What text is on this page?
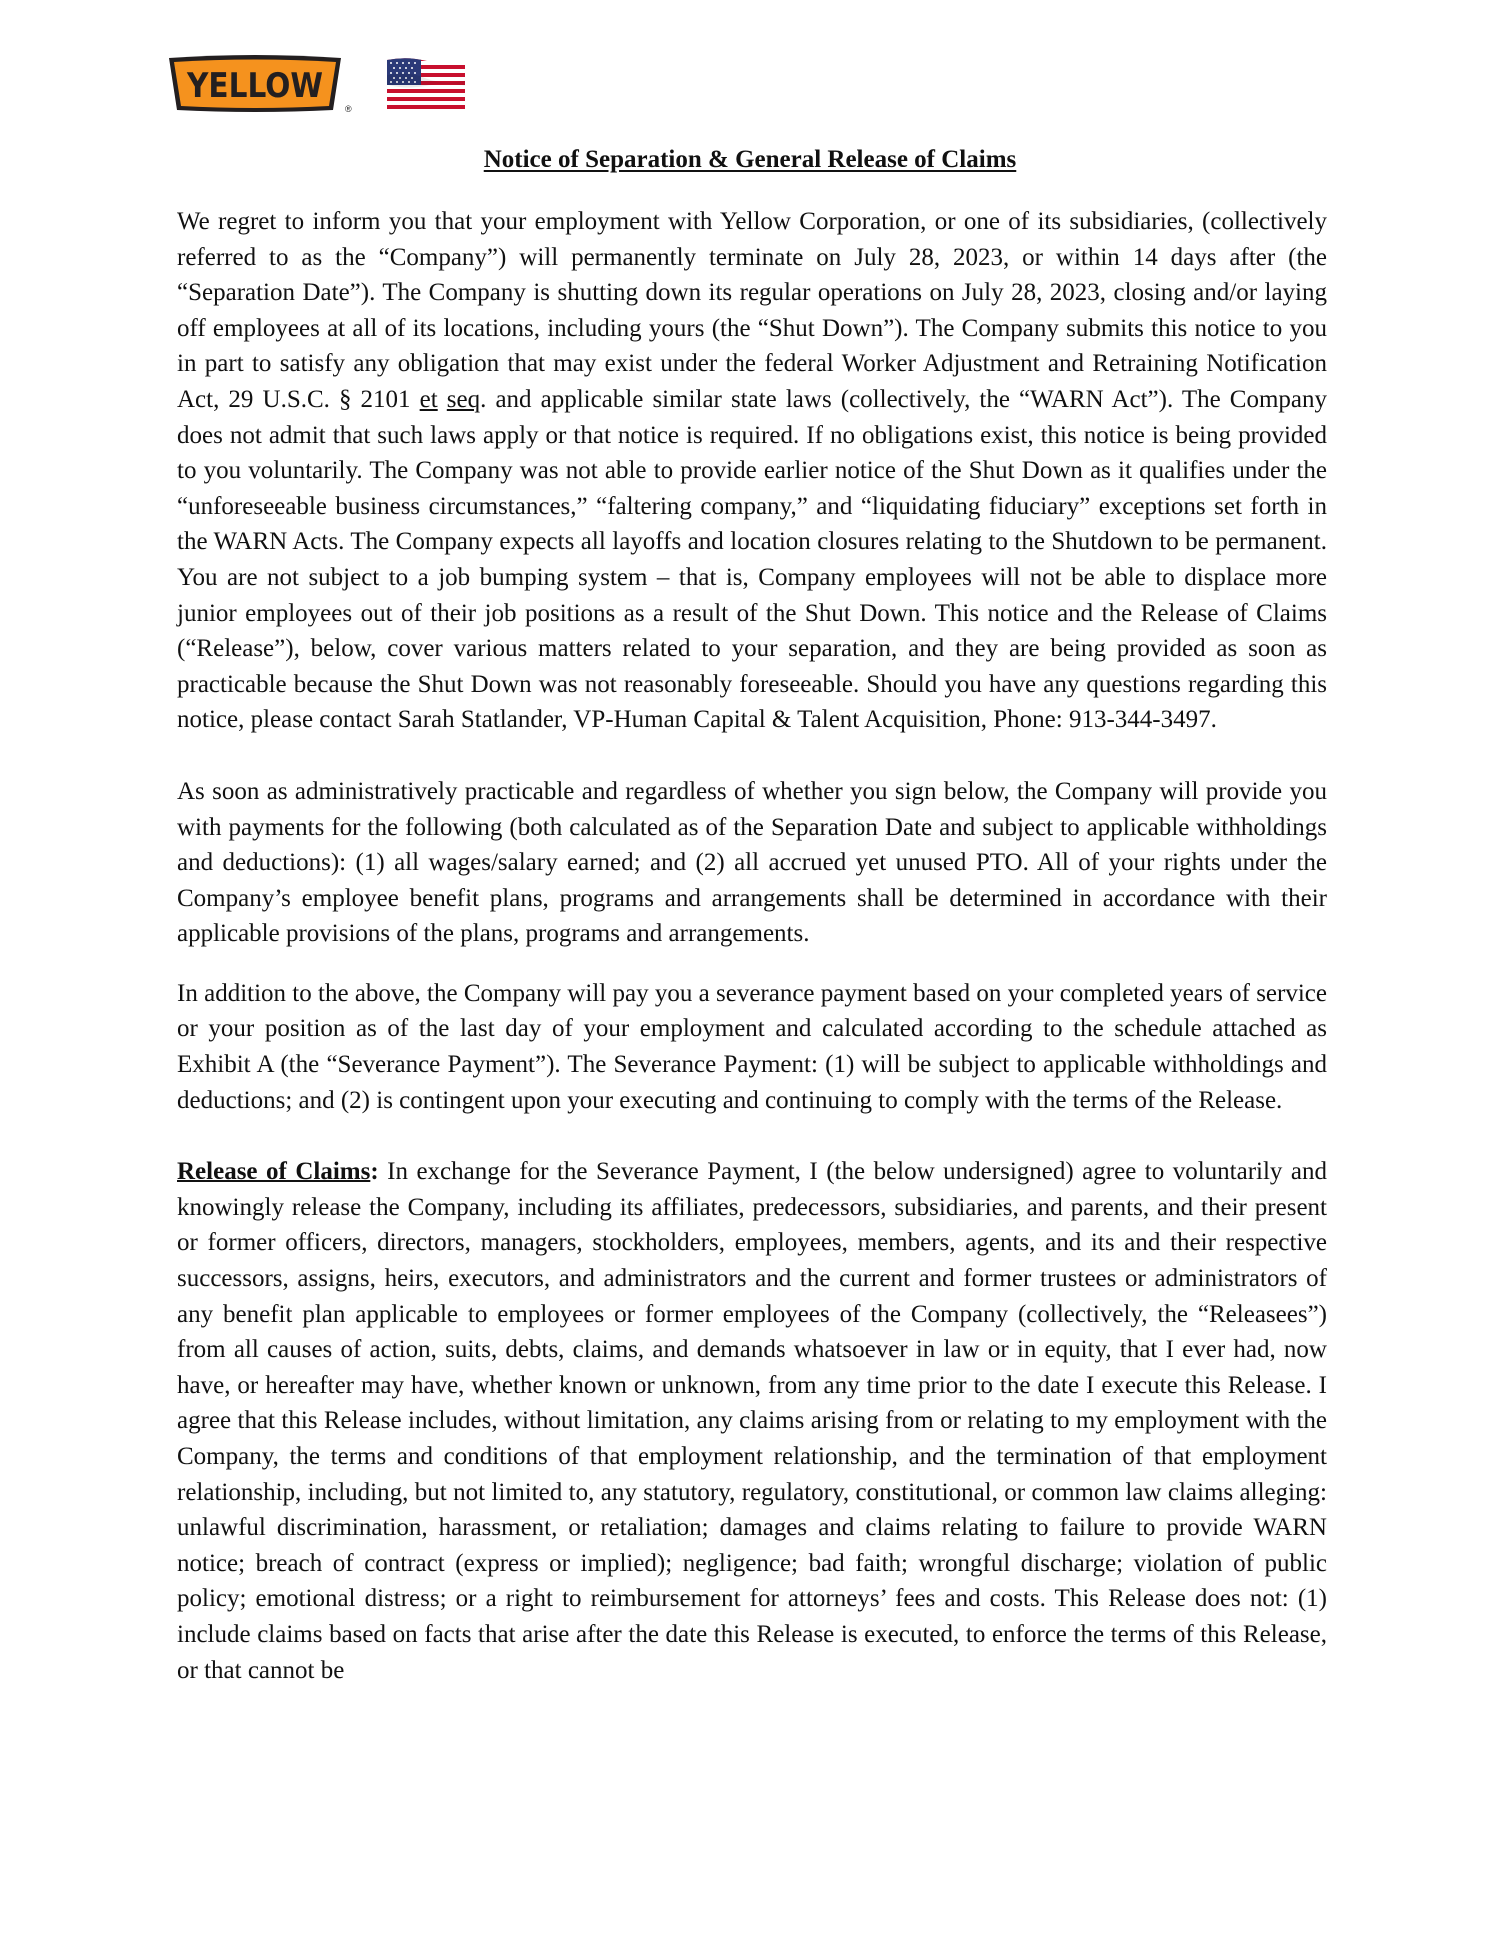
YELLOW
®
Notice of Separation & General Release of Claims

We regret to inform you that your employment with Yellow Corporation, or one of its subsidiaries, (collectively referred to as the “Company”) will permanently terminate on July 28, 2023, or within 14 days after (the “Separation Date”). The Company is shutting down its regular operations on July 28, 2023, closing and/or laying off employees at all of its locations, including yours (the “Shut Down”). The Company submits this notice to you in part to satisfy any obligation that may exist under the federal Worker Adjustment and Retraining Notification Act, 29 U.S.C. § 2101 et seq. and applicable similar state laws (collectively, the “WARN Act”). The Company does not admit that such laws apply or that notice is required. If no obligations exist, this notice is being provided to you voluntarily. The Company was not able to provide earlier notice of the Shut Down as it qualifies under the “unforeseeable business circumstances,” “faltering company,” and “liquidating fiduciary” exceptions set forth in the WARN Acts. The Company expects all layoffs and location closures relating to the Shutdown to be permanent. You are not subject to a job bumping system – that is, Company employees will not be able to displace more junior employees out of their job positions as a result of the Shut Down. This notice and the Release of Claims (“Release”), below, cover various matters related to your separation, and they are being provided as soon as practicable because the Shut Down was not reasonably foreseeable. Should you have any questions regarding this notice, please contact Sarah Statlander, VP-Human Capital & Talent Acquisition, Phone: 913-344-3497.

As soon as administratively practicable and regardless of whether you sign below, the Company will provide you with payments for the following (both calculated as of the Separation Date and subject to applicable withholdings and deductions): (1) all wages/salary earned; and (2) all accrued yet unused PTO. All of your rights under the Company’s employee benefit plans, programs and arrangements shall be determined in accordance with their applicable provisions of the plans, programs and arrangements.

In addition to the above, the Company will pay you a severance payment based on your completed years of service or your position as of the last day of your employment and calculated according to the schedule attached as Exhibit A (the “Severance Payment”). The Severance Payment: (1) will be subject to applicable withholdings and deductions; and (2) is contingent upon your executing and continuing to comply with the terms of the Release.

Release of Claims: In exchange for the Severance Payment, I (the below undersigned) agree to voluntarily and knowingly release the Company, including its affiliates, predecessors, subsidiaries, and parents, and their present or former officers, directors, managers, stockholders, employees, members, agents, and its and their respective successors, assigns, heirs, executors, and administrators and the current and former trustees or administrators of any benefit plan applicable to employees or former employees of the Company (collectively, the “Releasees”) from all causes of action, suits, debts, claims, and demands whatsoever in law or in equity, that I ever had, now have, or hereafter may have, whether known or unknown, from any time prior to the date I execute this Release. I agree that this Release includes, without limitation, any claims arising from or relating to my employment with the Company, the terms and conditions of that employment relationship, and the termination of that employment relationship, including, but not limited to, any statutory, regulatory, constitutional, or common law claims alleging: unlawful discrimination, harassment, or retaliation; damages and claims relating to failure to provide WARN notice; breach of contract (express or implied); negligence; bad faith; wrongful discharge; violation of public policy; emotional distress; or a right to reimbursement for attorneys’ fees and costs. This Release does not: (1) include claims based on facts that arise after the date this Release is executed, to enforce the terms of this Release, or that cannot be
